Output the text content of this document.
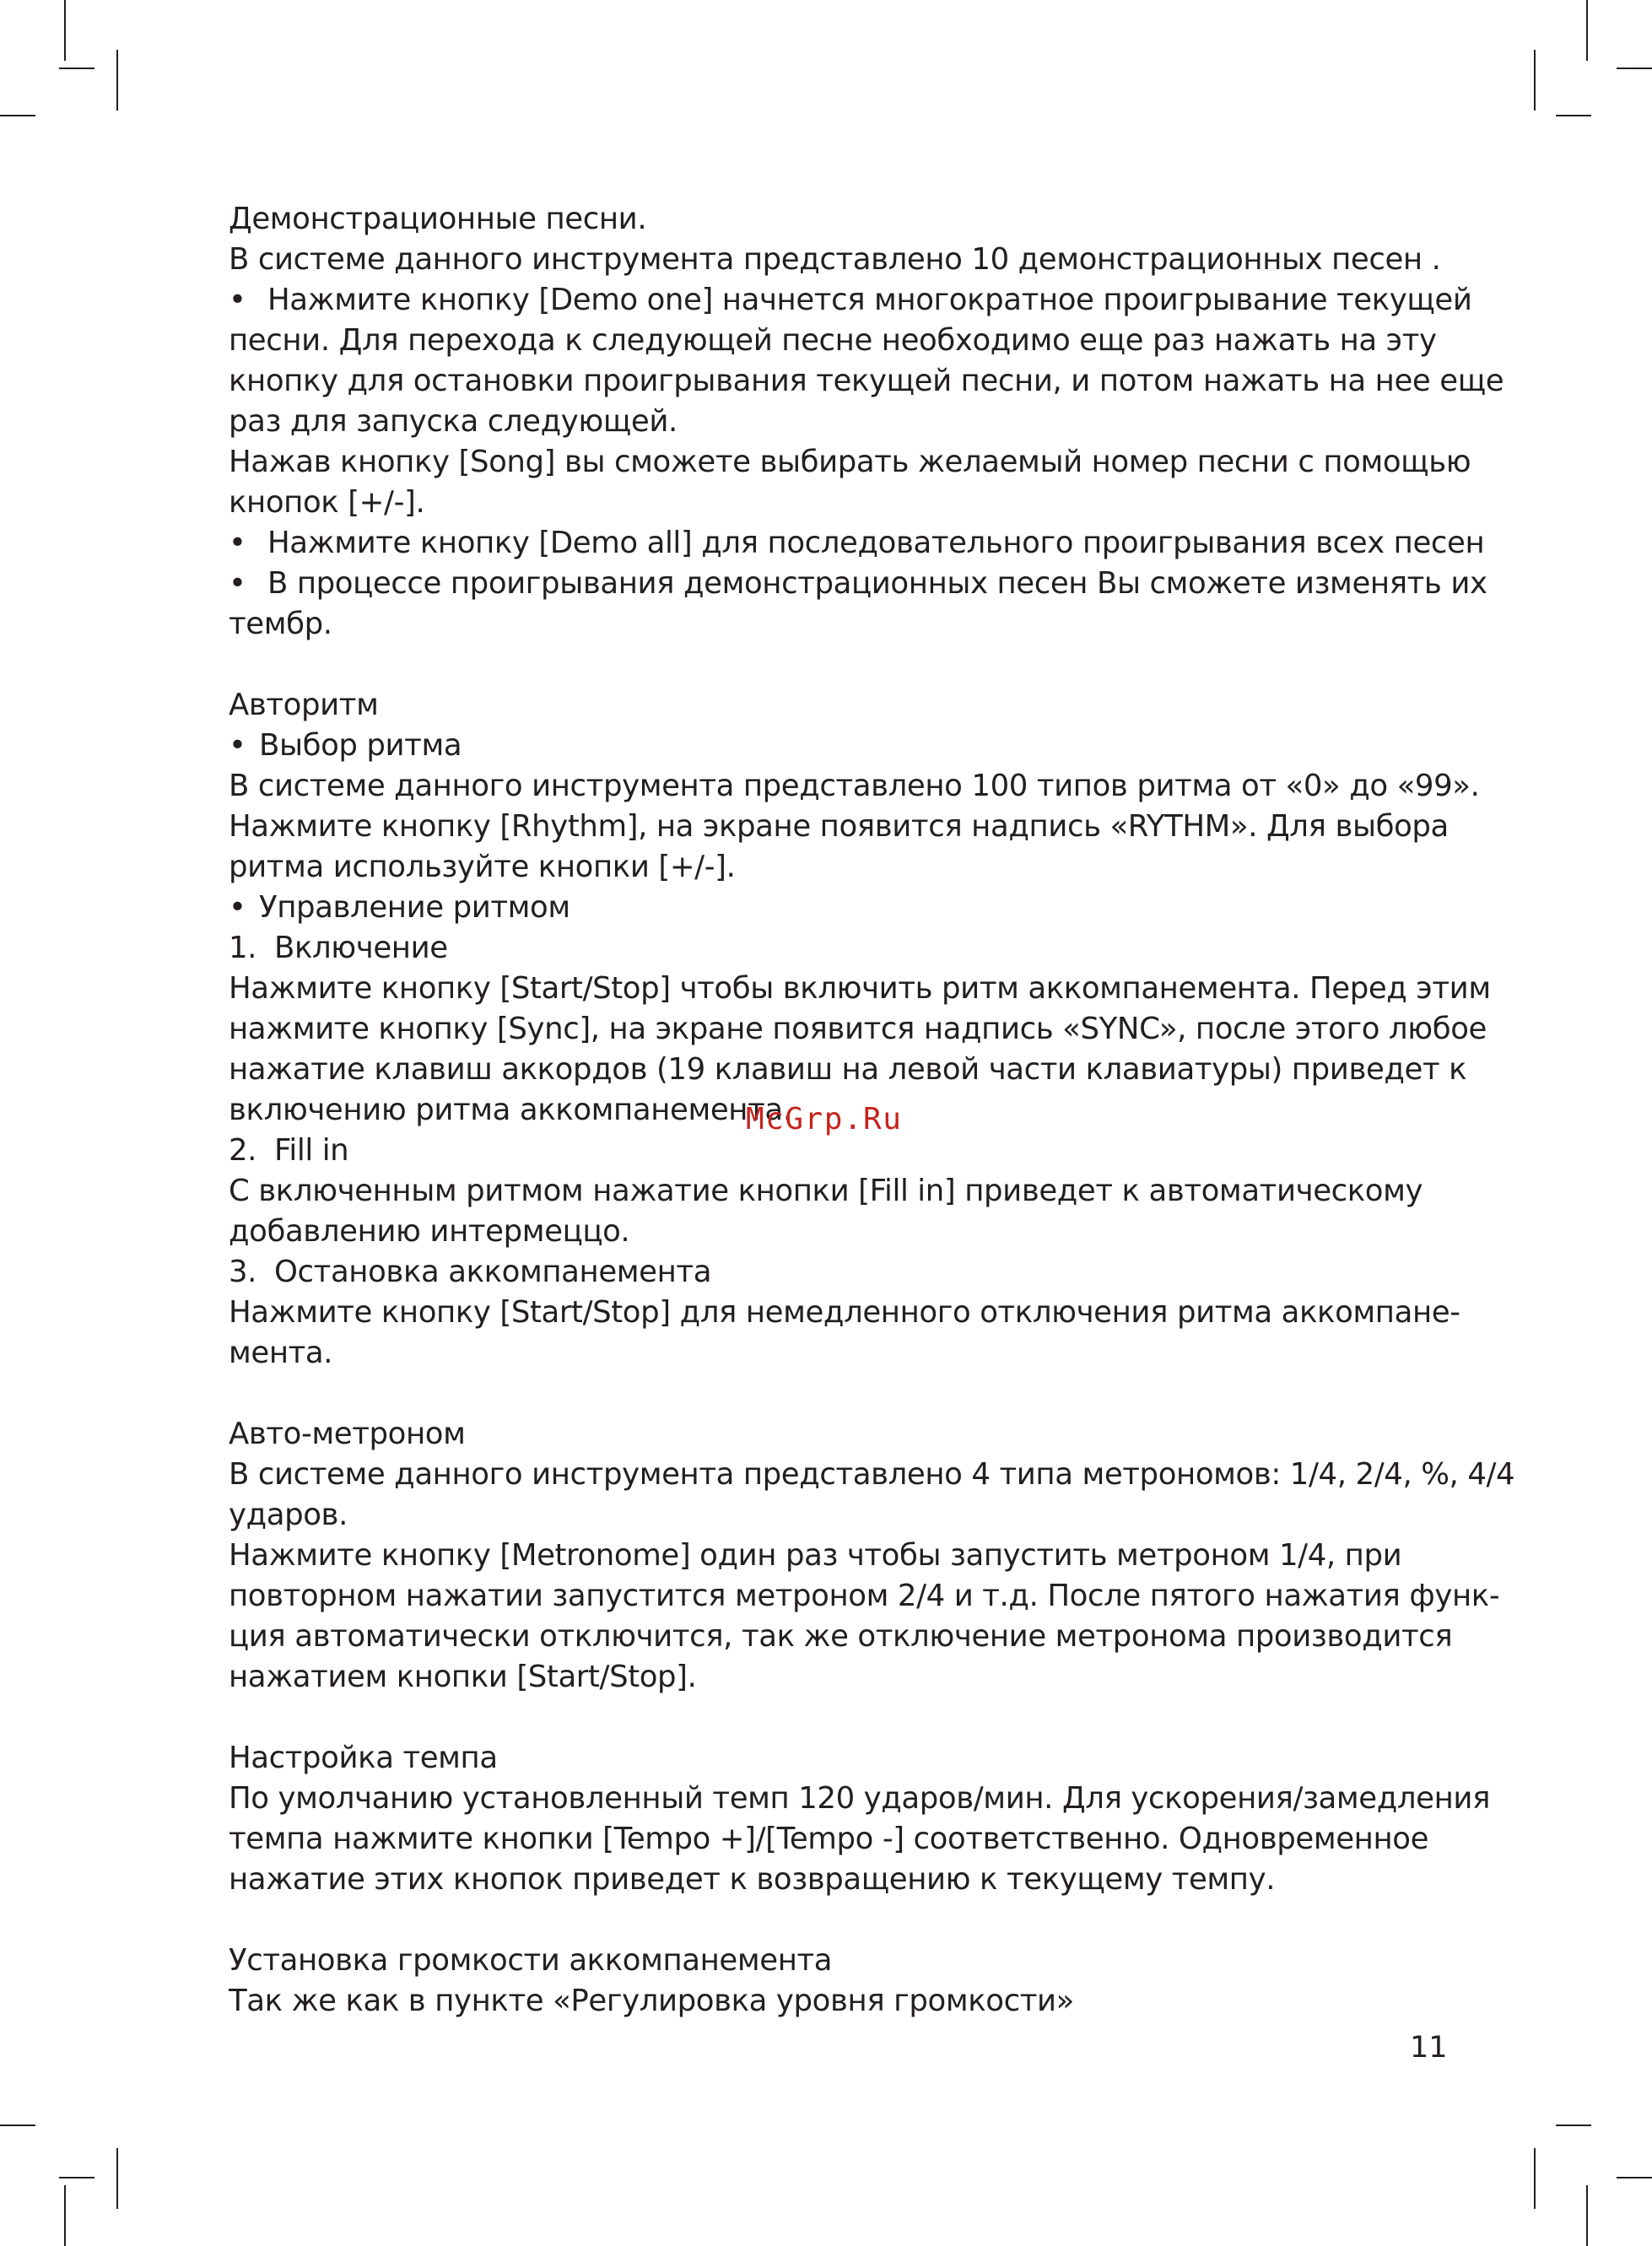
Демонстрационные песни.
В системе данного инструмента представлено 10 демонстрационных песен .
• Нажмите кнопку [Demo one] начнется многократное проигрывание текущей
песни. Для перехода к следующей песне необходимо еще раз нажать на эту
кнопку для остановки проигрывания текущей песни, и потом нажать на нее еще
раз для запуска следующей.
Нажав кнопку [Song] вы сможете выбирать желаемый номер песни с помощью
кнопок [+/-].
• Нажмите кнопку [Demo all] для последовательного проигрывания всех песен
• В процессе проигрывания демонстрационных песен Вы сможете изменять их
тембр.
Авторитм
• Выбор ритма
В системе данного инструмента представлено 100 типов ритма от «0» до «99».
Нажмите кнопку [Rhythm], на экране появится надпись «RYTHM». Для выбора
ритма используйте кнопки [+/-].
• Управление ритмом
1. Включение
Нажмите кнопку [Start/Stop] чтобы включить ритм аккомпанемента. Перед этим
нажмите кнопку [Sync], на экране появится надпись «SYNC», после этого любое
нажатие клавиш аккордов (19 клавиш на левой части клавиатуры) приведет к
включению ритма аккомпанемента.
2. Fill in
С включенным ритмом нажатие кнопки [Fill in] приведет к автоматическому
добавлению интермеццо.
3. Остановка аккомпанемента
Нажмите кнопку [Start/Stop] для немедленного отключения ритма аккомпане-
мента.
Авто-метроном
В системе данного инструмента представлено 4 типа метрономов: 1/4, 2/4, %, 4/4
ударов.
Нажмите кнопку [Metronome] один раз чтобы запустить метроном 1/4, при
повторном нажатии запустится метроном 2/4 и т.д. После пятого нажатия функ-
ция автоматически отключится, так же отключение метронома производится
нажатием кнопки [Start/Stop].
Настройка темпа
По умолчанию установленный темп 120 ударов/мин. Для ускорения/замедления
темпа нажмите кнопки [Tempo +]/[Tempo -] соответственно. Одновременное
нажатие этих кнопок приведет к возвращению к текущему темпу.
Установка громкости аккомпанемента
Так же как в пункте «Регулировка уровня громкости»
McGrp.Ru
11
